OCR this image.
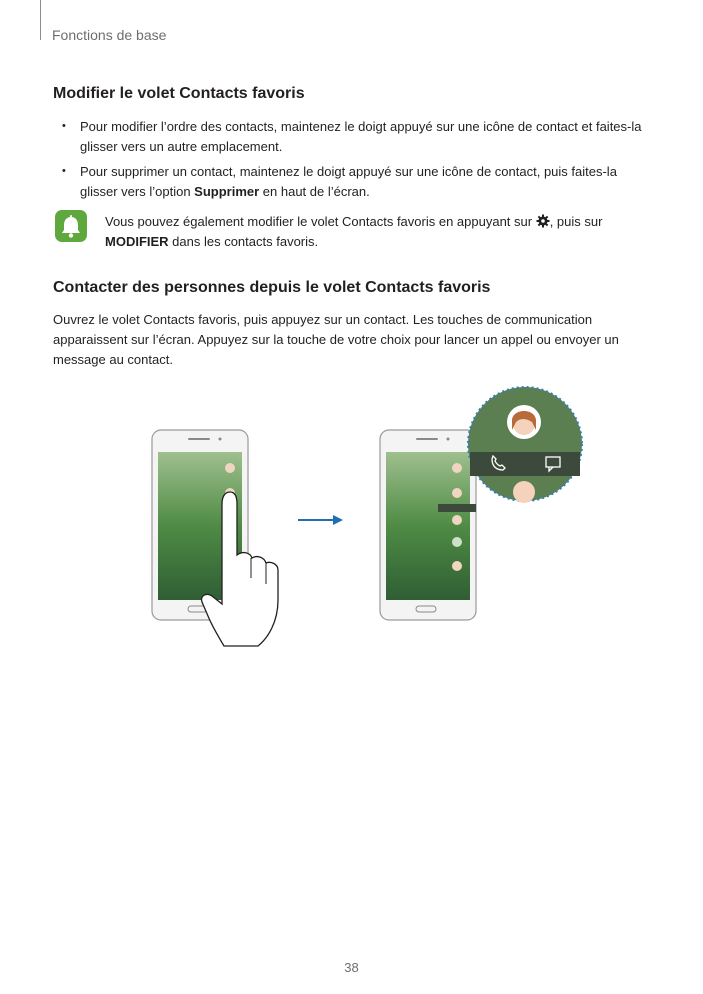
Fonctions de base
Modifier le volet Contacts favoris
• Pour modifier l’ordre des contacts, maintenez le doigt appuyé sur une icône de contact et faites-la glisser vers un autre emplacement.
• Pour supprimer un contact, maintenez le doigt appuyé sur une icône de contact, puis faites-la glisser vers l’option Supprimer en haut de l’écran.
Vous pouvez également modifier le volet Contacts favoris en appuyant sur , puis sur MODIFIER dans les contacts favoris.
Contacter des personnes depuis le volet Contacts favoris

Ouvrez le volet Contacts favoris, puis appuyez sur un contact. Les touches de communication apparaissent sur l’écran. Appuyez sur la touche de votre choix pour lancer un appel ou envoyer un message au contact.

38
